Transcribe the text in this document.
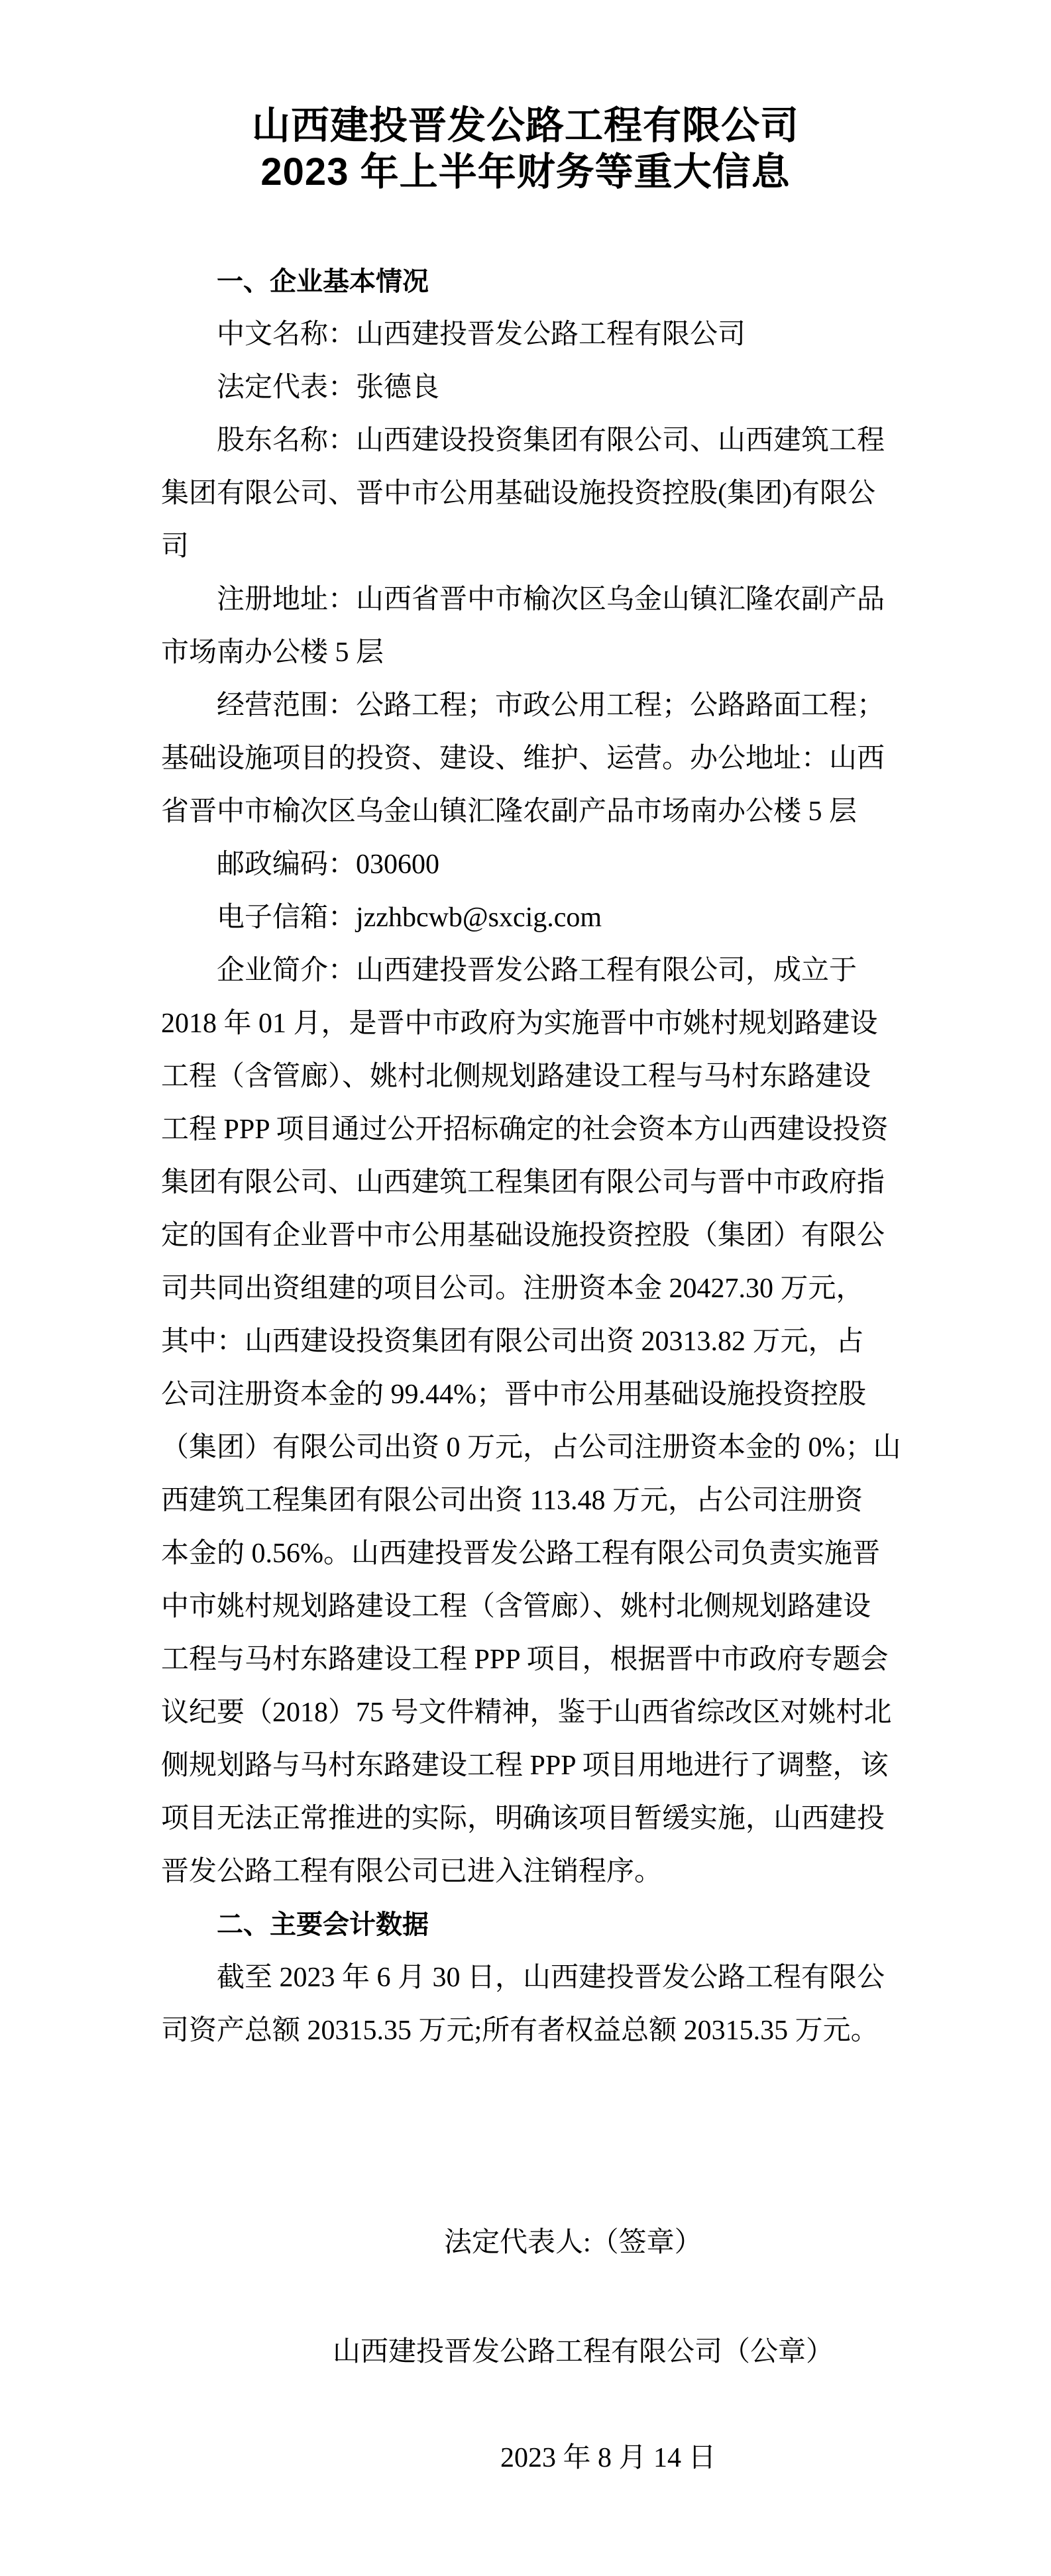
山西建投晋发公路工程有限公司
2023 年上半年财务等重大信息
一、企业基本情况
中文名称：山西建投晋发公路工程有限公司
法定代表：张德良
股东名称：山西建设投资集团有限公司、山西建筑工程
集团有限公司、晋中市公用基础设施投资控股(集团)有限公
司
注册地址：山西省晋中市榆次区乌金山镇汇隆农副产品
市场南办公楼 5 层
经营范围：公路工程；市政公用工程；公路路面工程；
基础设施项目的投资、建设、维护、运营。办公地址：山西
省晋中市榆次区乌金山镇汇隆农副产品市场南办公楼 5 层
邮政编码：030600
电子信箱：jzzhbcwb@sxcig.com
企业简介：山西建投晋发公路工程有限公司，成立于
2018 年 01 月，是晋中市政府为实施晋中市姚村规划路建设
工程（含管廊）、姚村北侧规划路建设工程与马村东路建设
工程 PPP 项目通过公开招标确定的社会资本方山西建设投资
集团有限公司、山西建筑工程集团有限公司与晋中市政府指
定的国有企业晋中市公用基础设施投资控股（集团）有限公
司共同出资组建的项目公司。注册资本金 20427.30 万元，
其中：山西建设投资集团有限公司出资 20313.82 万元，占
公司注册资本金的 99.44%；晋中市公用基础设施投资控股
（集团）有限公司出资 0 万元，占公司注册资本金的 0%；山
西建筑工程集团有限公司出资 113.48 万元，占公司注册资
本金的 0.56%。山西建投晋发公路工程有限公司负责实施晋
中市姚村规划路建设工程（含管廊）、姚村北侧规划路建设
工程与马村东路建设工程 PPP 项目，根据晋中市政府专题会
议纪要（2018）75 号文件精神，鉴于山西省综改区对姚村北
侧规划路与马村东路建设工程 PPP 项目用地进行了调整，该
项目无法正常推进的实际，明确该项目暂缓实施，山西建投
晋发公路工程有限公司已进入注销程序。
二、主要会计数据
截至 2023 年 6 月 30 日，山西建投晋发公路工程有限公
司资产总额 20315.35 万元;所有者权益总额 20315.35 万元。
法定代表人:（签章）
山西建投晋发公路工程有限公司（公章）
2023 年 8 月 14 日
